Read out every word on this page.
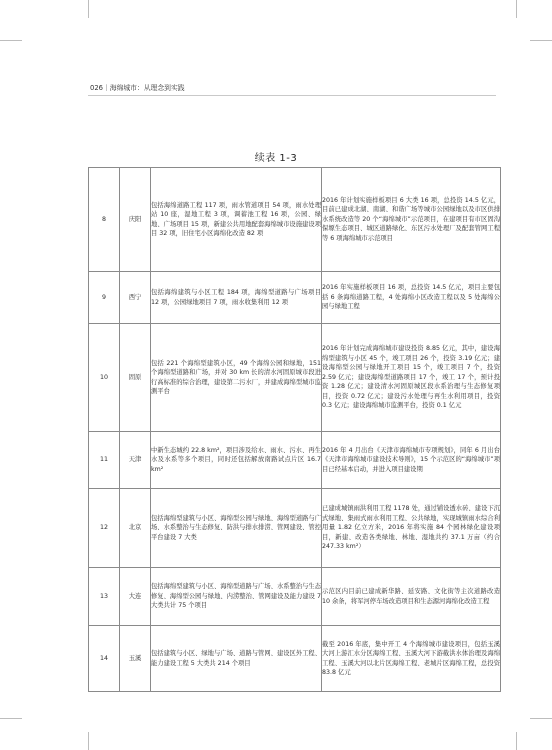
026｜海绵城市：从理念到实践
续表 1-3
8	庆阳	包括海绵道路工程 117 项，雨水管道项目 54 项，雨水处理站 10 座，湿地工程 3 项，调蓄池工程 16 项，公园、绿地、广场项目 15 项，新建公共用地配套海绵城市设施建设项目 32 项，旧住宅小区海绵化改造 82 项	2016 年计划实施样板项目 6 大类 16 项，总投资 14.5 亿元，目前已建成北湖、南湖、和谐广场等城市公园绿地以及市区供排水系统改造等 20 个“海绵城市”示范项目，在建项目有市区固沟保塬生态项目、城区道路绿化、东区污水处理厂及配套管网工程等 6 项海绵城市示范项目
9	西宁	包括海绵建筑与小区工程 184 项，海绵型道路与广场项目 12 项，公园绿地项目 7 项，雨水收集利用 12 项	2016 年实施样板项目 16 项，总投资 14.5 亿元，项目主要包括 6 条海绵道路工程，4 处海绵小区改造工程以及 5 处海绵公园与绿地工程
10	固原	包括 221 个海绵型建筑小区，49 个海绵公园和绿地，151 个海绵型道路和广场，并对 30 km 长的清水河固原城市段进行高标准的综合治理，建设第二污水厂，并建成海绵型城市监测平台	2016 年计划完成海绵城市建设投资 8.85 亿元，其中，建设海绵型建筑与小区 45 个，竣工项目 26 个，投资 3.19 亿元；建设海绵型公园与绿地开工项目 15 个，竣工项目 7 个，投资 2.59 亿元；建设海绵型道路项目 17 个，竣工 17 个，预计投资 1.28 亿元；建设清水河固原城区段水系治理与生态修复项目，投资 0.72 亿元；建设污水处理与再生水利用项目，投资 0.3 亿元；建设海绵城市监测平台，投资 0.1 亿元
11	天津	中新生态城约 22.8 km²，项目涉及给水、雨水、污水、再生水及水系等多个项目，同时还包括解放南路试点片区 16.7 km²	2016 年 4 月出台《天津市海绵城市专项规划》，同年 6 月出台《天津市海绵城市建设技术导则》，15 个示范区的“海绵城市”项目已经基本启动，并进入项目建设期
12	北京	包括海绵型建筑与小区、海绵型公园与绿地、海绵型道路与广场、水系整治与生态修复、防洪与排水排涝、管网建设、管控平台建设 7 大类	已建成城镇雨洪利用工程 1178 处，通过铺设透水砖、建设下沉式绿地、集雨式雨水利用工程、公共绿地，实现城镇雨水综合利用量 1.82 亿立方米，2016 年将实施 84 个园林绿化建设项目，新建、改造各类绿地、林地、湿地共约 37.1 万亩（约合 247.33 km²）
13	大连	包括海绵型建筑与小区、海绵型道路与广场、水系整治与生态修复、海绵型公园与绿地、内涝整治、管网建设及能力建设 7 大类共计 75 个项目	示范区内目前已建成新华路、延安路、文化街等主次道路改造 10 余条，将军河停车场改造项目和生态源河海绵化改造工程
14	玉溪	包括建筑与小区、绿地与广场、道路与管网、建设区外工程、能力建设工程 5 大类共 214 个项目	截至 2016 年底，集中开工 4 个海绵城市建设项目，包括玉溪大河上游汇水分区海绵工程、玉溪大河下游截洪水体治理及海绵工程、玉溪大河以北片区海绵工程、老城片区海绵工程，总投资 83.8 亿元
